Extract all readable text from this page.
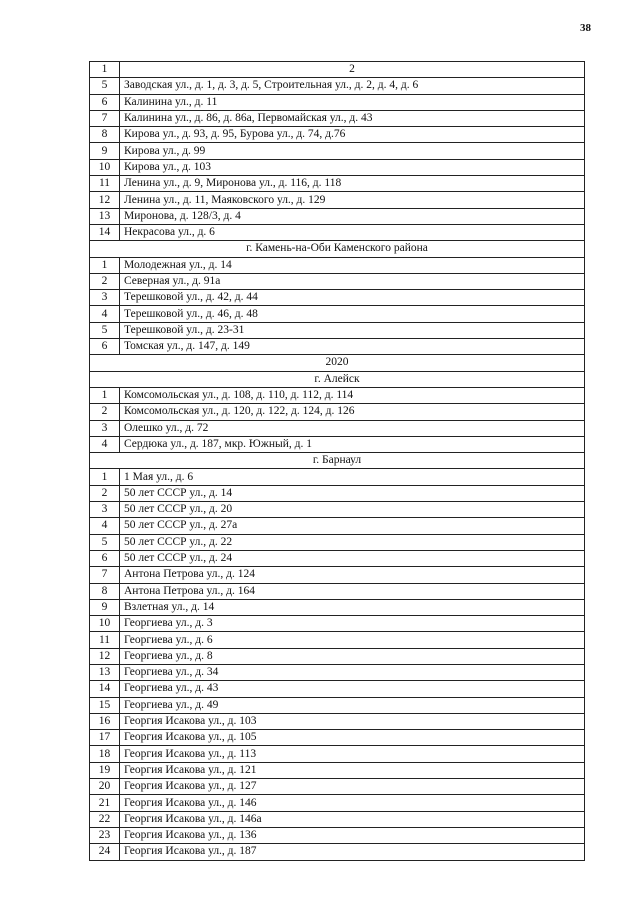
38
1	2
5	Заводская ул., д. 1, д. 3, д. 5, Строительная ул., д. 2, д. 4, д. 6
6	Калинина ул., д. 11
7	Калинина ул., д. 86, д. 86а, Первомайская ул., д. 43
8	Кирова ул., д. 93, д. 95, Бурова ул., д. 74, д.76
9	Кирова ул., д. 99
10	Кирова ул., д. 103
11	Ленина ул., д. 9, Миронова ул., д. 116, д. 118
12	Ленина ул., д. 11, Маяковского ул., д. 129
13	Миронова, д. 128/3, д. 4
14	Некрасова ул., д. 6
г. Камень-на-Оби Каменского района	
1	Молодежная ул., д. 14
2	Северная ул., д. 91а
3	Терешковой ул., д. 42, д. 44
4	Терешковой ул., д. 46, д. 48
5	Терешковой ул., д. 23-31
6	Томская ул., д. 147, д. 149
2020	
г. Алейск	
1	Комсомольская ул., д. 108, д. 110, д. 112, д. 114
2	Комсомольская ул., д. 120, д. 122, д. 124, д. 126
3	Олешко ул., д. 72
4	Сердюка ул., д. 187, мкр. Южный, д. 1
г. Барнаул	
1	1 Мая ул., д. 6
2	50 лет СССР ул., д. 14
3	50 лет СССР ул., д. 20
4	50 лет СССР ул., д. 27а
5	50 лет СССР ул., д. 22
6	50 лет СССР ул., д. 24
7	Антона Петрова ул., д. 124
8	Антона Петрова ул., д. 164
9	Взлетная ул., д. 14
10	Георгиева ул., д. 3
11	Георгиева ул., д. 6
12	Георгиева ул., д. 8
13	Георгиева ул., д. 34
14	Георгиева ул., д. 43
15	Георгиева ул., д. 49
16	Георгия Исакова ул., д. 103
17	Георгия Исакова ул., д. 105
18	Георгия Исакова ул., д. 113
19	Георгия Исакова ул., д. 121
20	Георгия Исакова ул., д. 127
21	Георгия Исакова ул., д. 146
22	Георгия Исакова ул., д. 146а
23	Георгия Исакова ул., д. 136
24	Георгия Исакова ул., д. 187
